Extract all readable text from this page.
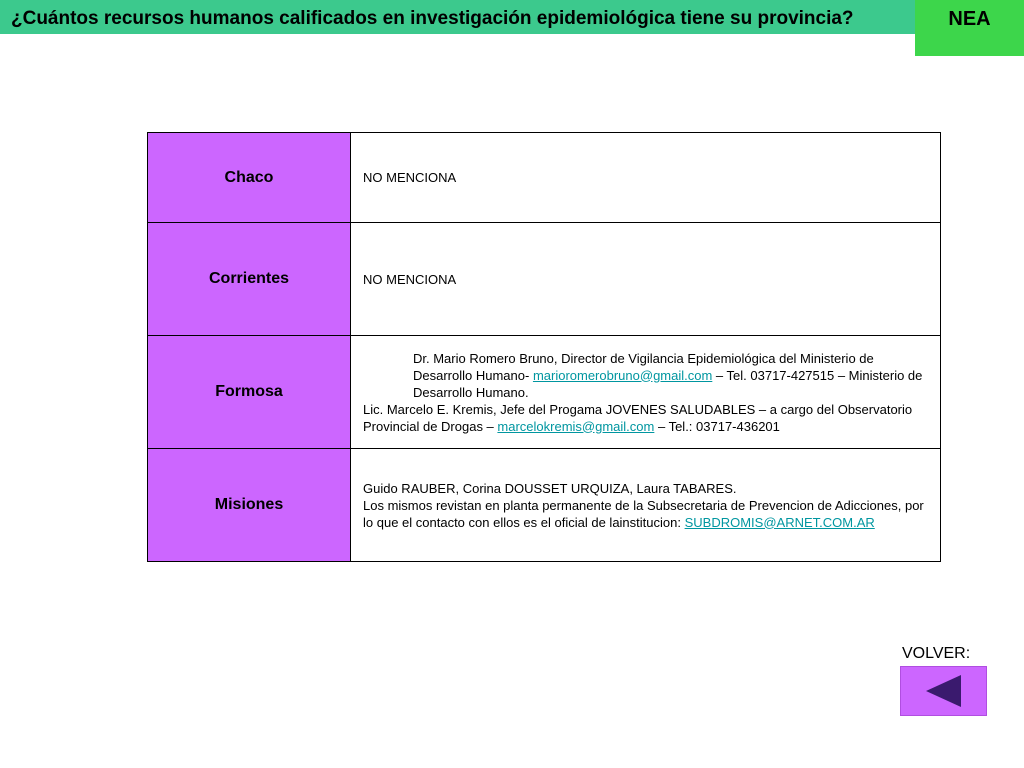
¿Cuántos recursos humanos calificados en investigación epidemiológica tiene su provincia?	NEA
Chaco	NO MENCIONA
Corrientes	NO MENCIONA
Formosa	Dr. Mario Romero Bruno, Director de Vigilancia Epidemiológica del Ministerio de Desarrollo Humano- marioromerobruno@gmail.com – Tel. 03717-427515 – Ministerio de Desarrollo Humano.
Lic. Marcelo E. Kremis, Jefe del Progama JOVENES SALUDABLES – a cargo del Observatorio Provincial de Drogas – marcelokremis@gmail.com – Tel.: 03717-436201
Misiones	Guido RAUBER, Corina DOUSSET URQUIZA, Laura TABARES.
Los mismos revistan en planta permanente de la Subsecretaria de Prevencion de Adicciones, por lo que el contacto con ellos es el oficial de lainstitucion: SUBDROMIS@ARNET.COM.AR
VOLVER:
